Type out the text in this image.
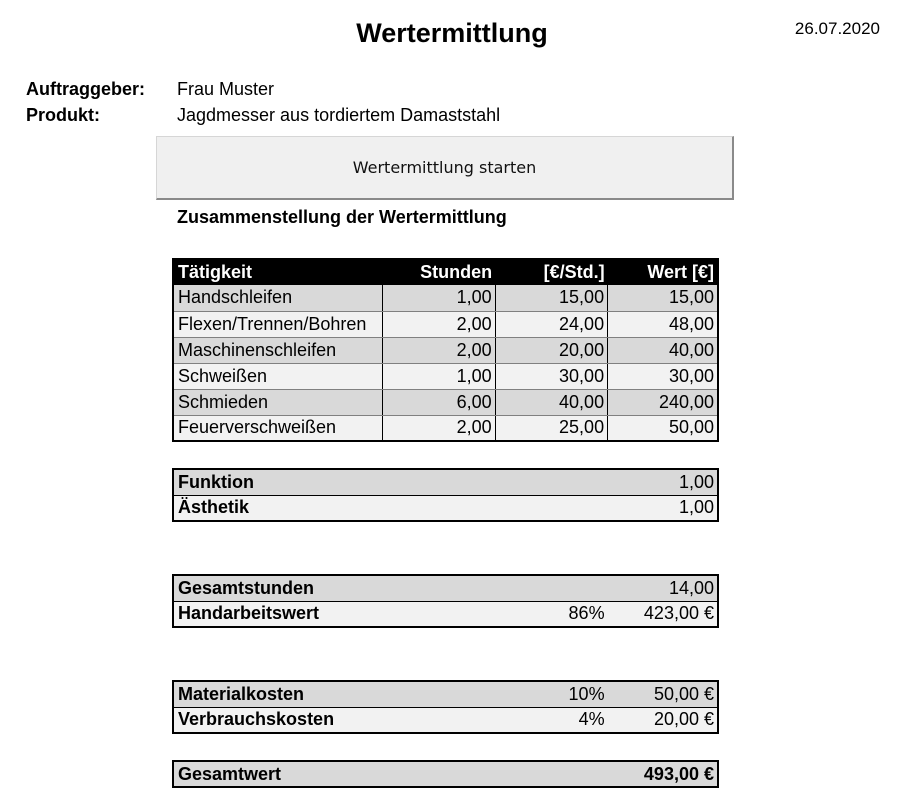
Wertermittlung	26.07.2020
Auftraggeber: Frau Muster
Produkt:	Jagdmesser aus tordiertem Damaststahl
Wertermittlung starten
Zusammenstellung der Wertermittlung
Tätigkeit	Stunden	[€/Std.]	Wert [€]
Handschleifen	1,00	15,00	15,00
Flexen/Trennen/Bohren	2,00	24,00	48,00
Maschinenschleifen	2,00	20,00	40,00
Schweißen	1,00	30,00	30,00
Schmieden	6,00	40,00	240,00
Feuerverschweißen	2,00	25,00	50,00
Funktion	1,00
Ästhetik	1,00
Gesamtstunden		14,00
Handarbeitswert	86%	423,00 €
Materialkosten	10%	50,00 €
Verbrauchskosten	4%	20,00 €
Gesamtwert	493,00 €
